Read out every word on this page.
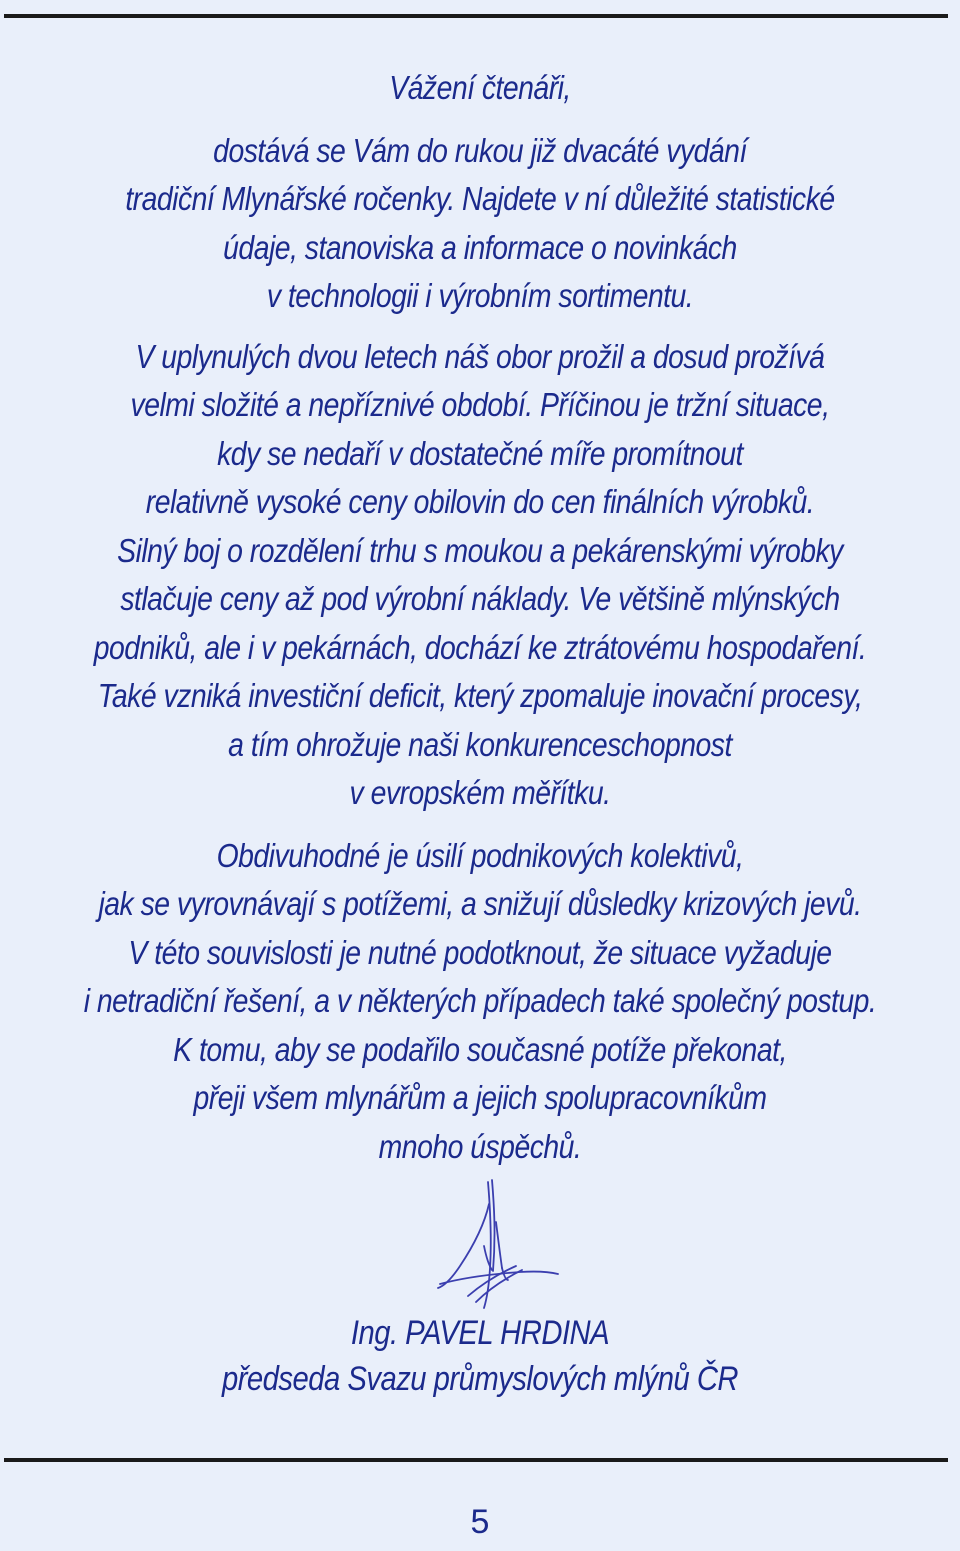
Vážení čtenáři,
dostává se Vám do rukou již dvacáté vydání
tradiční Mlynářské ročenky. Najdete v ní důležité statistické
údaje, stanoviska a informace o novinkách
v technologii i výrobním sortimentu.
V uplynulých dvou letech náš obor prožil a dosud prožívá
velmi složité a nepříznivé období. Příčinou je tržní situace,
kdy se nedaří v dostatečné míře promítnout
relativně vysoké ceny obilovin do cen finálních výrobků.
Silný boj o rozdělení trhu s moukou a pekárenskými výrobky
stlačuje ceny až pod výrobní náklady. Ve většině mlýnských
podniků, ale i v pekárnách, dochází ke ztrátovému hospodaření.
Také vzniká investiční deficit, který zpomaluje inovační procesy,
a tím ohrožuje naši konkurenceschopnost
v evropském měřítku.
Obdivuhodné je úsilí podnikových kolektivů,
jak se vyrovnávají s potížemi, a snižují důsledky krizových jevů.
V této souvislosti je nutné podotknout, že situace vyžaduje
i netradiční řešení, a v některých případech také společný postup.
K tomu, aby se podařilo současné potíže překonat,
přeji všem mlynářům a jejich spolupracovníkům
mnoho úspěchů.
Ing. PAVEL HRDINA
předseda Svazu průmyslových mlýnů ČR
5
